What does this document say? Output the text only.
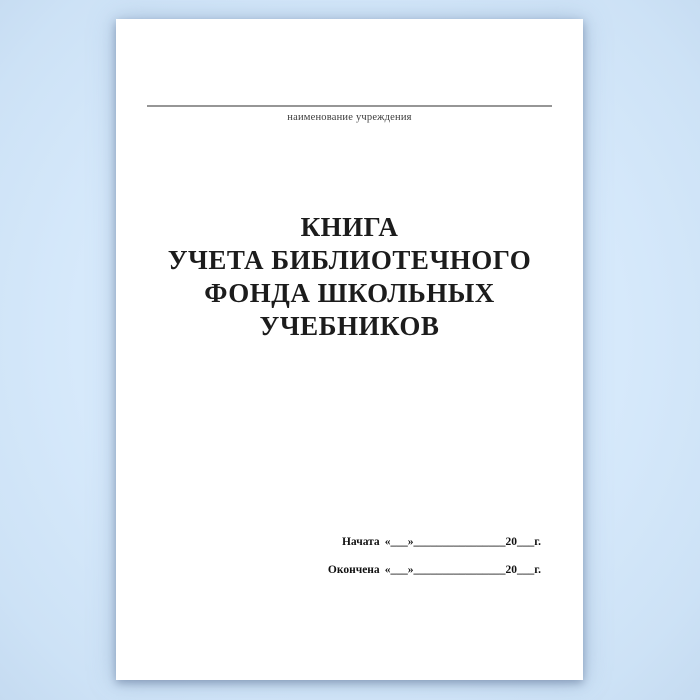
наименование учреждения
КНИГА
УЧЕТА БИБЛИОТЕЧНОГО
ФОНДА ШКОЛЬНЫХ
УЧЕБНИКОВ
Начата «___»________________20___г.
Окончена «___»________________20___г.
